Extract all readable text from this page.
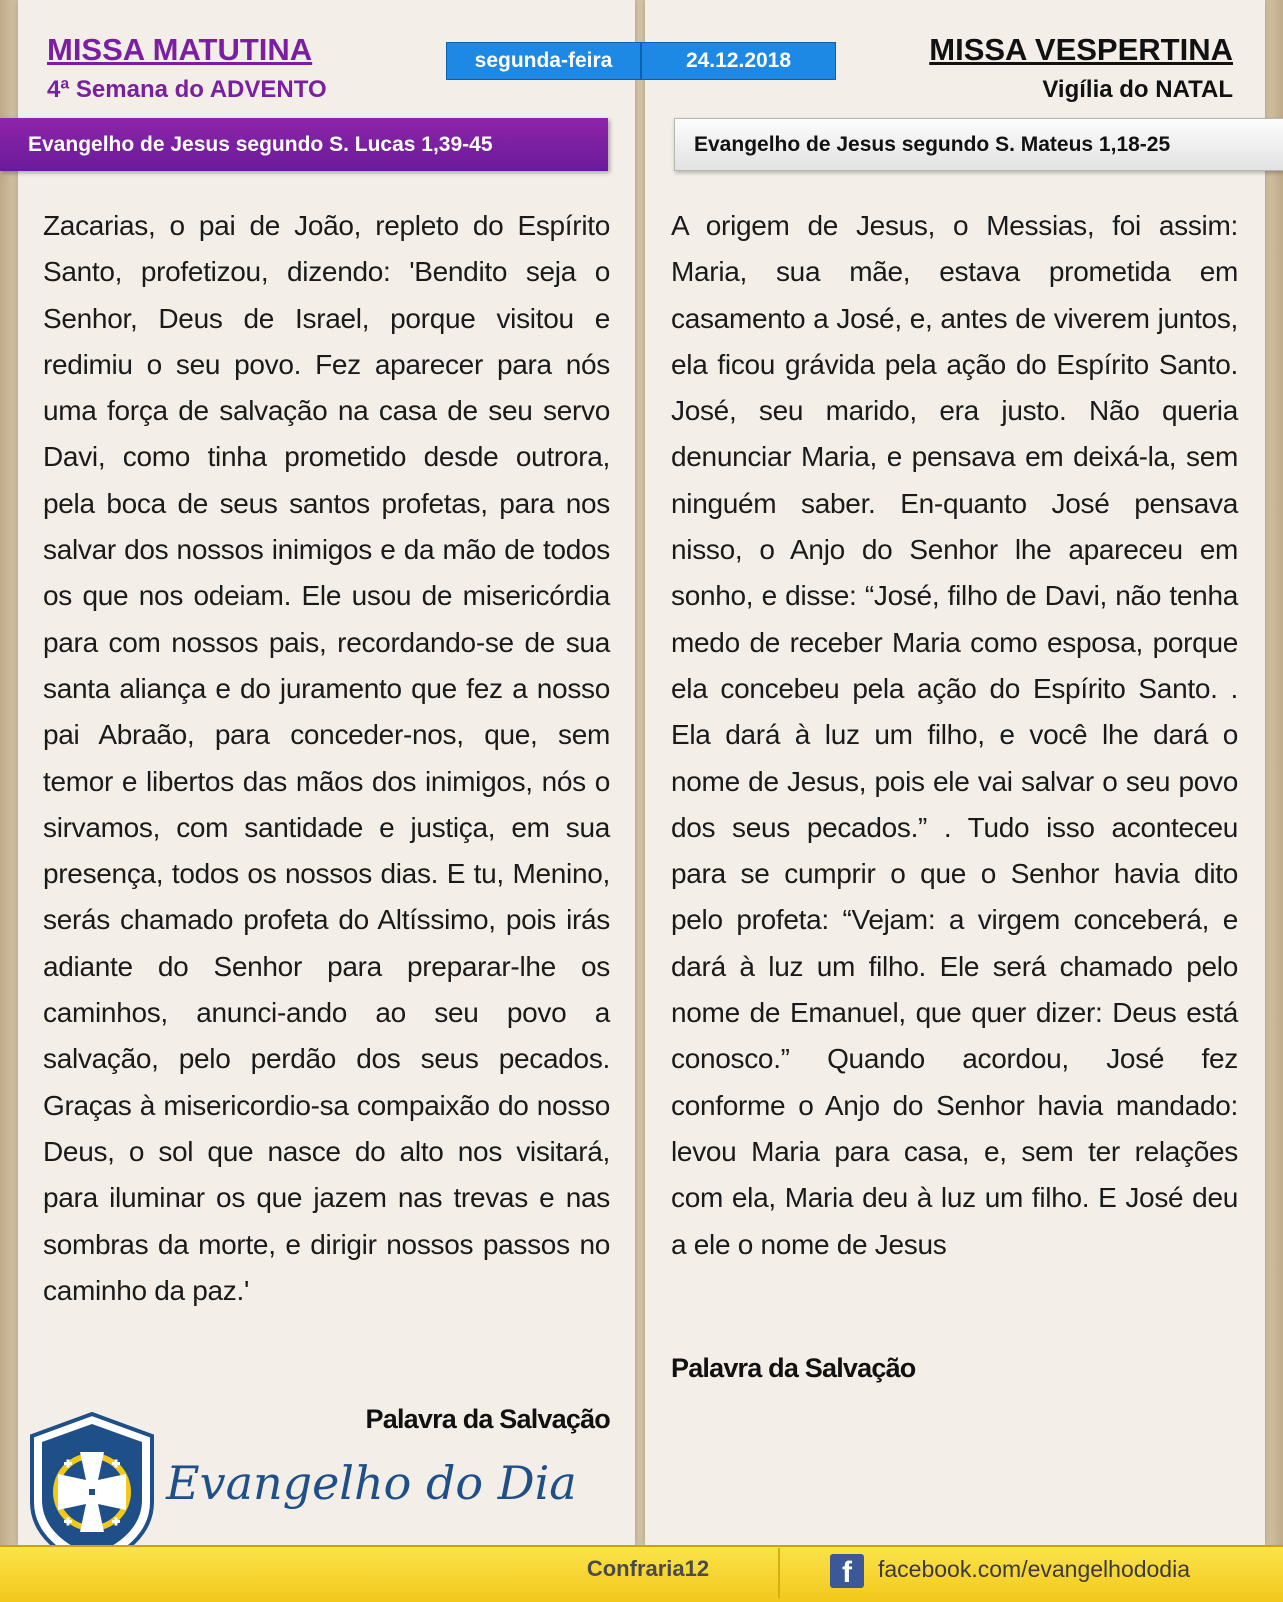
MISSA MATUTINA
4ª Semana do ADVENTO
segunda-feira	24.12.2018	MISSA VESPERTINA
Vigília do NATAL
Evangelho de Jesus segundo S. Lucas 1,39-45	Evangelho de Jesus segundo S. Mateus 1,18-25
Zacarias, o pai de João, repleto do Espírito Santo, profetizou, dizendo: 'Bendito seja o Senhor, Deus de Israel, porque visitou e redimiu o seu povo. Fez aparecer para nós uma força de salvação na casa de seu servo Davi, como tinha prometido desde outrora, pela boca de seus santos profetas, para nos salvar dos nossos inimigos e da mão de todos os que nos odeiam. Ele usou de misericórdia para com nossos pais, recordando-se de sua santa aliança e do juramento que fez a nosso pai Abraão, para conceder-nos, que, sem temor e libertos das mãos dos inimigos, nós o sirvamos, com santidade e justiça, em sua presença, todos os nossos dias. E tu, Menino, serás chamado profeta do Altíssimo, pois irás adiante do Senhor para preparar-lhe os caminhos, anunci-ando ao seu povo a salvação, pelo perdão dos seus pecados. Graças à misericordio-sa compaixão do nosso Deus, o sol que nasce do alto nos visitará, para iluminar os que jazem nas trevas e nas sombras da morte, e dirigir nossos passos no caminho da paz.'
A origem de Jesus, o Messias, foi assim: Maria, sua mãe, estava prometida em casamento a José, e, antes de viverem juntos, ela ficou grávida pela ação do Espírito Santo. José, seu marido, era justo. Não queria denunciar Maria, e pensava em deixá-la, sem ninguém saber. En-quanto José pensava nisso, o Anjo do Senhor lhe apareceu em sonho, e disse: “José, filho de Davi, não tenha medo de receber Maria como esposa, porque ela concebeu pela ação do Espírito Santo. . Ela dará à luz um filho, e você lhe dará o nome de Jesus, pois ele vai salvar o seu povo dos seus pecados.” . Tudo isso aconteceu para se cumprir o que o Senhor havia dito pelo profeta: “Vejam: a virgem conceberá, e dará à luz um filho. Ele será chamado pelo nome de Emanuel, que quer dizer: Deus está conosco.” Quando acordou, José fez conforme o Anjo do Senhor havia mandado: levou Maria para casa, e, sem ter relações com ela, Maria deu à luz um filho. E José deu a ele o nome de Jesus
Palavra da Salvação
Palavra da Salvação
Evangelho do Dia
Confraria12	f facebook.com/evangelhododia
